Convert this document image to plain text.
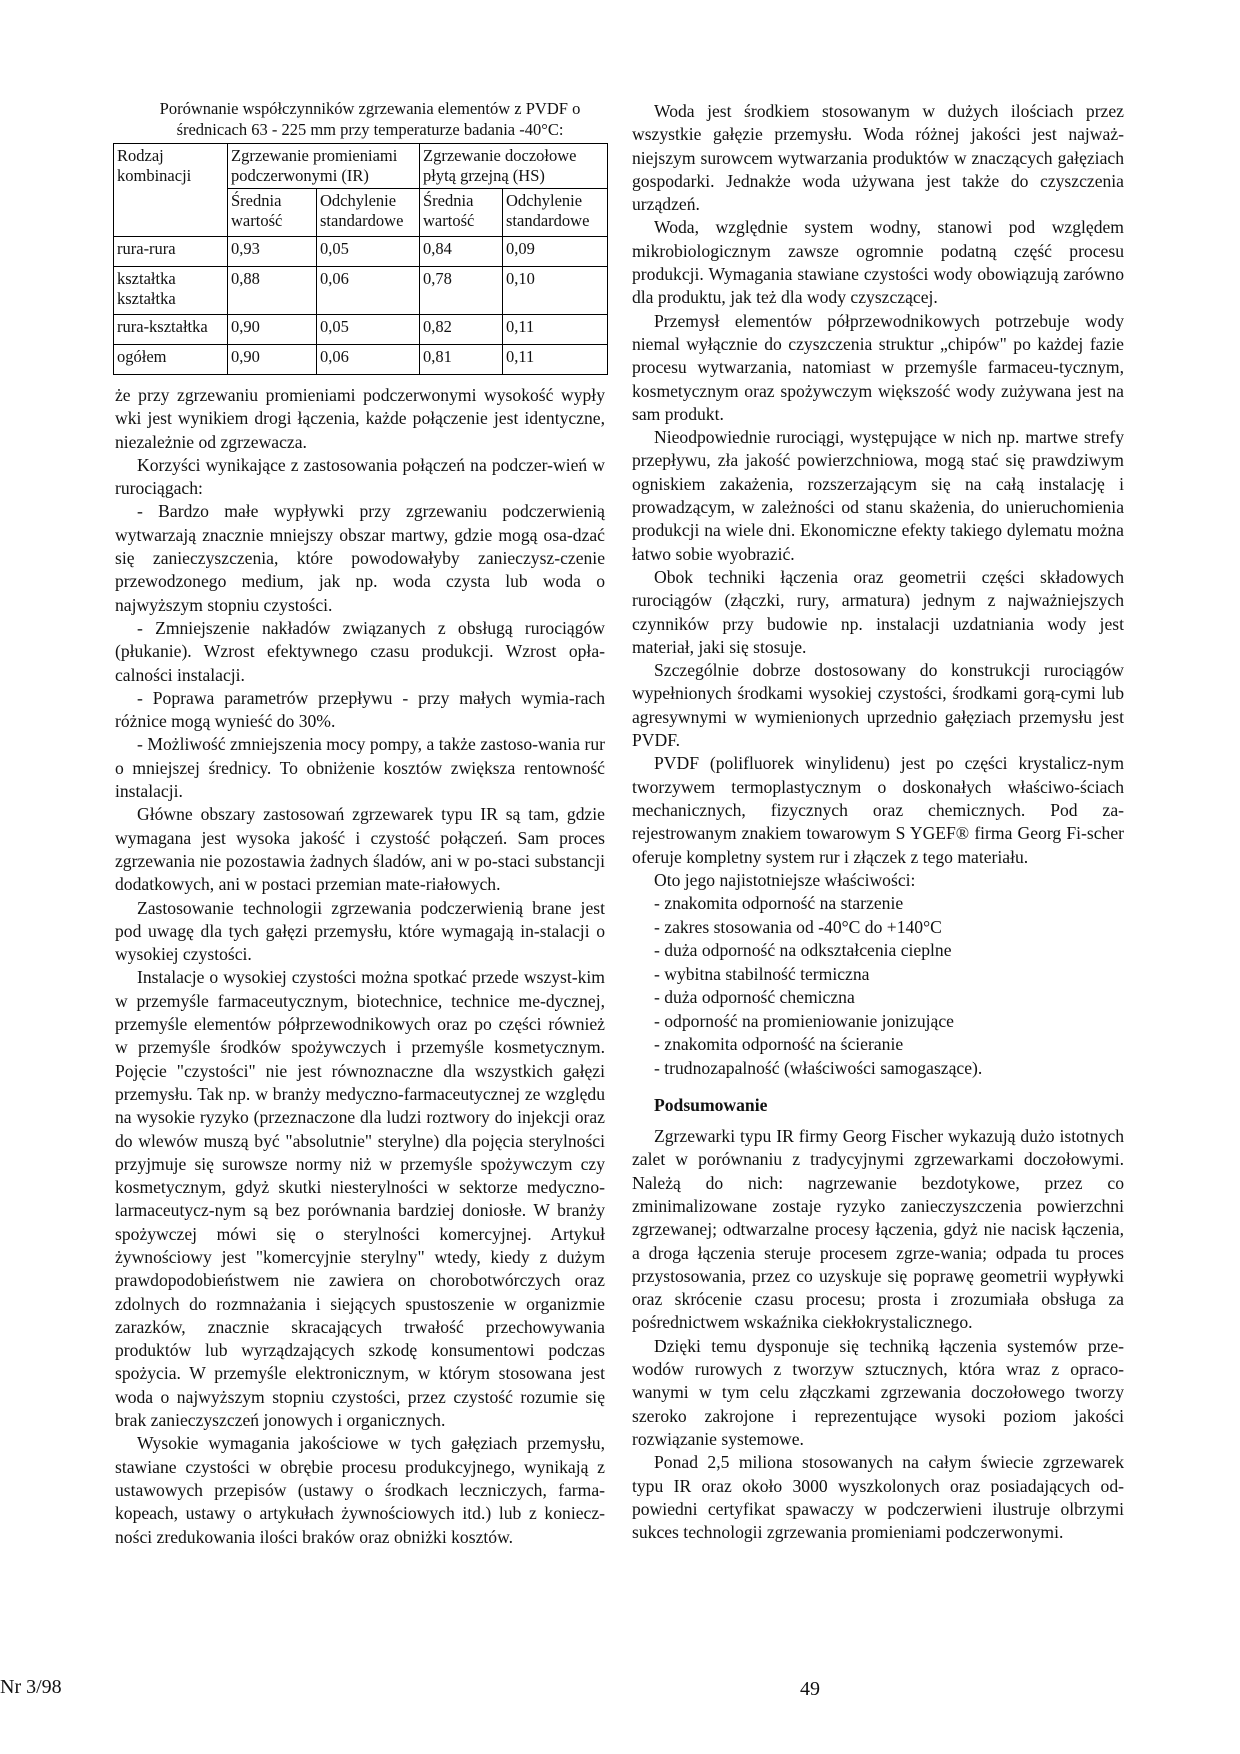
Porównanie współczynników zgrzewania elementów z PVDF o średnicach 63 - 225 mm przy temperaturze badania -40°C:
Rodzaj kombinacji	Zgrzewanie promieniami podczerwonymi (IR)		Zgrzewanie doczołowe płytą grzejną (HS)	
	Średnia wartość	Odchylenie standardowe	Średnia wartość	Odchylenie standardowe
rura-rura	0,93	0,05	0,84	0,09
kształtka kształtka	0,88	0,06	0,78	0,10
rura-kształtka	0,90	0,05	0,82	0,11
ogółem	0,90	0,06	0,81	0,11

że przy zgrzewaniu promieniami podczerwonymi wysokość wypły wki jest wynikiem drogi łączenia, każde połączenie jest identyczne, niezależnie od zgrzewacza.

Korzyści wynikające z zastosowania połączeń na podczer-wień w rurociągach:

- Bardzo małe wypływki przy zgrzewaniu podczerwienią wytwarzają znacznie mniejszy obszar martwy, gdzie mogą osa-dzać się zanieczyszczenia, które powodowałyby zanieczysz-czenie przewodzonego medium, jak np. woda czysta lub woda o najwyższym stopniu czystości.

- Zmniejszenie nakładów związanych z obsługą rurociągów (płukanie). Wzrost efektywnego czasu produkcji. Wzrost opła-calności instalacji.

- Poprawa parametrów przepływu - przy małych wymia-rach różnice mogą wynieść do 30%.

- Możliwość zmniejszenia mocy pompy, a także zastoso-wania rur o mniejszej średnicy. To obniżenie kosztów zwiększa rentowność instalacji.

Główne obszary zastosowań zgrzewarek typu IR są tam, gdzie wymagana jest wysoka jakość i czystość połączeń. Sam proces zgrzewania nie pozostawia żadnych śladów, ani w po-staci substancji dodatkowych, ani w postaci przemian mate-riałowych.

Zastosowanie technologii zgrzewania podczerwienią brane jest pod uwagę dla tych gałęzi przemysłu, które wymagają in-stalacji o wysokiej czystości.

Instalacje o wysokiej czystości można spotkać przede wszyst-kim w przemyśle farmaceutycznym, biotechnice, technice me-dycznej, przemyśle elementów półprzewodnikowych oraz po części również w przemyśle środków spożywczych i przemyśle kosmetycznym. Pojęcie "czystości" nie jest równoznaczne dla wszystkich gałęzi przemysłu. Tak np. w branży medyczno-farmaceutycznej ze względu na wysokie ryzyko (przeznaczone dla ludzi roztwory do injekcji oraz do wlewów muszą być "absolutnie" sterylne) dla pojęcia sterylności przyjmuje się surowsze normy niż w przemyśle spożywczym czy kosmetycznym, gdyż skutki niesterylności w sektorze medyczno-larmaceutycz-nym są bez porównania bardziej doniosłe. W branży spożywczej mówi się o sterylności komercyjnej. Artykuł żywnościowy jest "komercyjnie sterylny" wtedy, kiedy z dużym prawdopodobieństwem nie zawiera on chorobotwórczych oraz zdolnych do rozmnażania i siejących spustoszenie w organizmie zarazków, znacznie skracających trwałość przechowywania produktów lub wyrządzających szkodę konsumentowi podczas spożycia. W przemyśle elektronicznym, w którym stosowana jest woda o najwyższym stopniu czystości, przez czystość rozumie się brak zanieczyszczeń jonowych i organicznych.

Wysokie wymagania jakościowe w tych gałęziach przemysłu, stawiane czystości w obrębie procesu produkcyjnego, wynikają z ustawowych przepisów (ustawy o środkach leczniczych, farma-kopeach, ustawy o artykułach żywnościowych itd.) lub z koniecz-ności zredukowania ilości braków oraz obniżki kosztów.

Woda jest środkiem stosowanym w dużych ilościach przez wszystkie gałęzie przemysłu. Woda różnej jakości jest najważ-niejszym surowcem wytwarzania produktów w znaczących gałęziach gospodarki. Jednakże woda używana jest także do czyszczenia urządzeń.

Woda, względnie system wodny, stanowi pod względem mikrobiologicznym zawsze ogromnie podatną część procesu produkcji. Wymagania stawiane czystości wody obowiązują zarówno dla produktu, jak też dla wody czyszczącej.

Przemysł elementów półprzewodnikowych potrzebuje wody niemal wyłącznie do czyszczenia struktur „chipów" po każdej fazie procesu wytwarzania, natomiast w przemyśle farmaceu-tycznym, kosmetycznym oraz spożywczym większość wody zużywana jest na sam produkt.

Nieodpowiednie rurociągi, występujące w nich np. martwe strefy przepływu, zła jakość powierzchniowa, mogą stać się prawdziwym ogniskiem zakażenia, rozszerzającym się na całą instalację i prowadzącym, w zależności od stanu skażenia, do unieruchomienia produkcji na wiele dni. Ekonomiczne efekty takiego dylematu można łatwo sobie wyobrazić.

Obok techniki łączenia oraz geometrii części składowych rurociągów (złączki, rury, armatura) jednym z najważniejszych czynników przy budowie np. instalacji uzdatniania wody jest materiał, jaki się stosuje.

Szczególnie dobrze dostosowany do konstrukcji rurociągów wypełnionych środkami wysokiej czystości, środkami gorą-cymi lub agresywnymi w wymienionych uprzednio gałęziach przemysłu jest PVDF.

PVDF (polifluorek winylidenu) jest po części krystalicz-nym tworzywem termoplastycznym o doskonałych właściwo-ściach mechanicznych, fizycznych oraz chemicznych. Pod za-rejestrowanym znakiem towarowym S YGEF® firma Georg Fi-scher oferuje kompletny system rur i złączek z tego materiału.

Oto jego najistotniejsze właściwości:

- znakomita odporność na starzenie

- zakres stosowania od -40°C do +140°C

- duża odporność na odkształcenia cieplne

- wybitna stabilność termiczna

- duża odporność chemiczna

- odporność na promieniowanie jonizujące

- znakomita odporność na ścieranie

- trudnozapalność (właściwości samogaszące).

Podsumowanie

Zgrzewarki typu IR firmy Georg Fischer wykazują dużo istotnych zalet w porównaniu z tradycyjnymi zgrzewarkami doczołowymi. Należą do nich: nagrzewanie bezdotykowe, przez co zminimalizowane zostaje ryzyko zanieczyszczenia powierzchni zgrzewanej; odtwarzalne procesy łączenia, gdyż nie nacisk łączenia, a droga łączenia steruje procesem zgrze-wania; odpada tu proces przystosowania, przez co uzyskuje się poprawę geometrii wypływki oraz skrócenie czasu procesu; prosta i zrozumiała obsługa za pośrednictwem wskaźnika ciekłokrystalicznego.

Dzięki temu dysponuje się techniką łączenia systemów prze-wodów rurowych z tworzyw sztucznych, która wraz z opraco-wanymi w tym celu złączkami zgrzewania doczołowego tworzy szeroko zakrojone i reprezentujące wysoki poziom jakości rozwiązanie systemowe.

Ponad 2,5 miliona stosowanych na całym świecie zgrzewarek typu IR oraz około 3000 wyszkolonych oraz posiadających od-powiedni certyfikat spawaczy w podczerwieni ilustruje olbrzymi sukces technologii zgrzewania promieniami podczerwonymi.

Nr 3/98	49
